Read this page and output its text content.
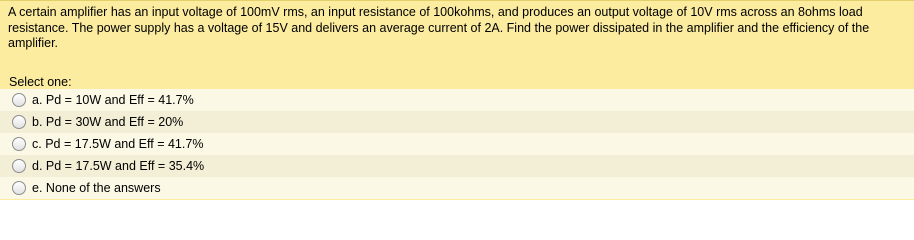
A certain amplifier has an input voltage of 100mV rms, an input resistance of 100kohms, and produces an output voltage of 10V rms across an 8ohms load resistance. The power supply has a voltage of 15V and delivers an average current of 2A. Find the power dissipated in the amplifier and the efficiency of the amplifier.
Select one:
a.
Pd = 10W and Eff = 41.7%
b.
Pd = 30W and Eff = 20%
c.
Pd = 17.5W and Eff = 41.7%
d.
Pd = 17.5W and Eff = 35.4%
e.
None of the answers
